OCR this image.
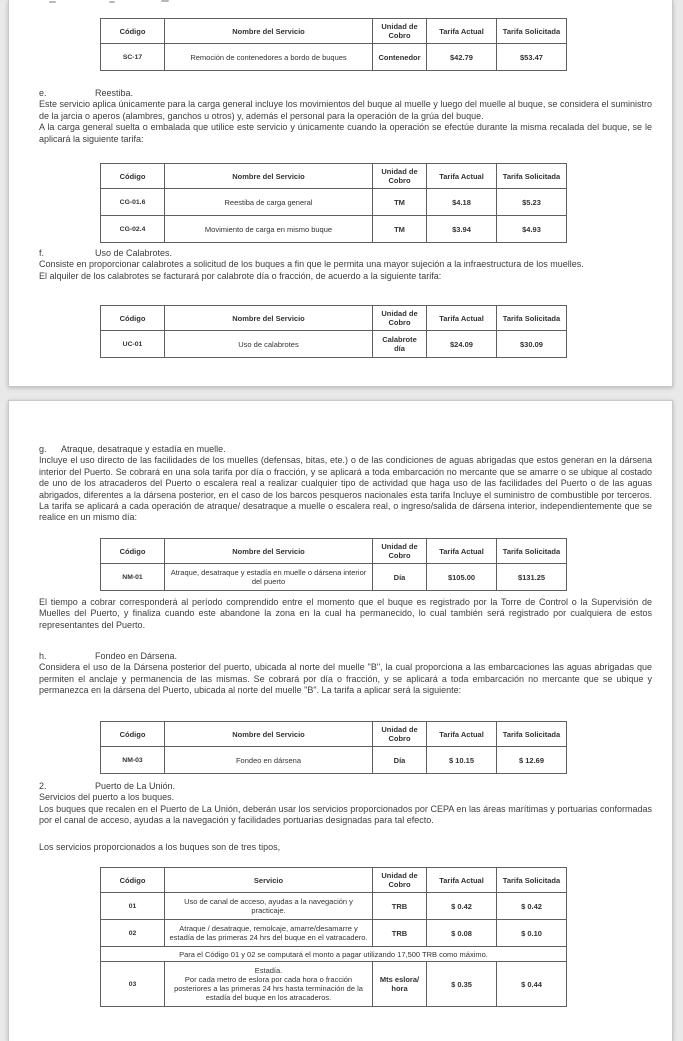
Código	Nombre del Servicio	Unidad de Cobro	Tarifa Actual	Tarifa Solicitada
SC-17	Remoción de contenedores a bordo de buques	Contenedor	$42.79	$53.47
e.	Reestiba.

Este servicio aplica únicamente para la carga general incluye los movimientos del buque al muelle y luego del muelle al buque, se considera el suministro de la jarcia o aperos (alambres, ganchos u otros) y, además el personal para la operación de la grúa del buque.

A la carga general suelta o embalada que utilice este servicio y únicamente cuando la operación se efectúe durante la misma recalada del buque, se le aplicará la siguiente tarifa:

Código	Nombre del Servicio	Unidad de Cobro	Tarifa Actual	Tarifa Solicitada
CG-01.6	Reestiba de carga general	TM	$4.18	$5.23
CG-02.4	Movimiento de carga en mismo buque	TM	$3.94	$4.93
f.	Uso de Calabrotes.

Consiste en proporcionar calabrotes a solicitud de los buques a fin que le permita una mayor sujeción a la infraestructura de los muelles.

El alquiler de los calabrotes se facturará por calabrote día o fracción, de acuerdo a la siguiente tarifa:

Código	Nombre del Servicio	Unidad de Cobro	Tarifa Actual	Tarifa Solicitada
UC-01	Uso de calabrotes	Calabrote día	$24.09	$30.09
g. Atraque, desatraque y estadía en muelle.

Incluye el uso directo de las facilidades de los muelles (defensas, bitas, ete.) o de las condiciones de aguas abrigadas que estos generan en la dársena interior del Puerto. Se cobrará en una sola tarifa por día o fracción, y se aplicará a toda embarcación no mercante que se amarre o se ubique al costado de uno de los atracaderos del Puerto o escalera real a realizar cualquier tipo de actividad que haga uso de las facilidades del Puerto o de las aguas abrigados, diferentes a la dársena posterior, en el caso de los barcos pesqueros nacionales esta tarifa Incluye el suministro de combustible por terceros. La tarifa se aplicará a cada operación de atraque/ desatraque a muelle o escalera real, o ingreso/salida de dársena interior, independientemente que se realice en un mismo día:

Código	Nombre del Servicio	Unidad de Cobro	Tarifa Actual	Tarifa Solicitada
NM-01	Atraque, desatraque y estadía en muelle o dársena interior del puerto	Día	$105.00	$131.25

El tiempo a cobrar corresponderá al período comprendido entre el momento que el buque es registrado por la Torre de Control o la Supervisión de Muelles del Puerto, y finaliza cuando este abandone la zona en la cual ha permanecido, lo cual también será registrado por cualquiera de estos representantes del Puerto.

h.	Fondeo en Dársena.

Considera el uso de la Dársena posterior del puerto, ubicada al norte del muelle "B", la cual proporciona a las embarcaciones las aguas abrigadas que permiten el anclaje y permanencia de las mismas. Se cobrará por día o fracción, y se aplicará a toda embarcación no mercante que se ubique y permanezca en la dársena del Puerto, ubicada al norte del muelle "B". La tarifa a aplicar será la siguiente:

Código	Nombre del Servicio	Unidad de Cobro	Tarifa Actual	Tarifa Solicitada
NM-03	Fondeo en dársena	Día	$ 10.15	$ 12.69
2.	Puerto de La Unión.
Servicios del puerto a los buques.

Los buques que recalen en el Puerto de La Unión, deberán usar los servicios proporcionados por CEPA en las áreas marítimas y portuarias conformadas por el canal de acceso, ayudas a la navegación y facilidades portuarias designadas para tal efecto.

Los servicios proporcionados a los buques son de tres tipos,

Código	Servicio	Unidad de Cobro	Tarifa Actual	Tarifa Solicitada
01	Uso de canal de acceso, ayudas a la navegación y practicaje.	TRB	$ 0.42	$ 0.42
02	Atraque / desatraque, remolcaje, amarre/desamarre y estadía de las primeras 24 hrs del buque en el vatracadero.	TRB	$ 0.08	$ 0.10
Para el Código 01 y 02 se computará el monto a pagar utilizando 17,500 TRB como máximo.				
03	Estadía.
Por cada metro de eslora por cada hora o fracción posteriores a las primeras 24 hrs hasta terminación de la estadía del buque en los atracaderos.	Mts eslora/ hora	$ 0.35	$ 0.44
